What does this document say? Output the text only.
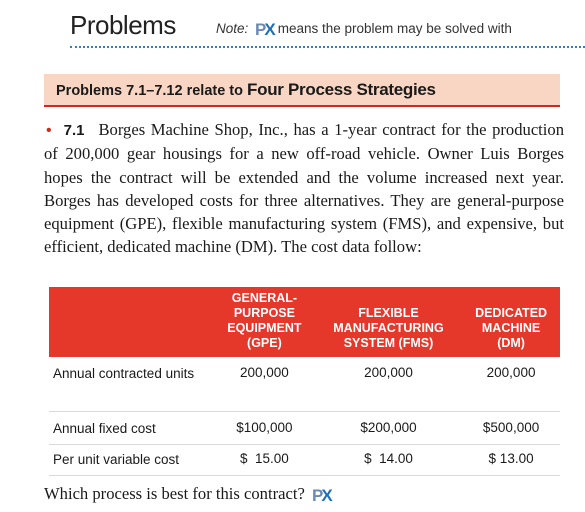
Problems	Note: PX means the problem may be solved with
Problems 7.1–7.12 relate to Four Process Strategies
• 7.1 Borges Machine Shop, Inc., has a 1-year contract for the production of 200,000 gear housings for a new off-road vehicle. Owner Luis Borges hopes the contract will be extended and the volume increased next year. Borges has developed costs for three alternatives. They are general-purpose equipment (GPE), flexible manufacturing system (FMS), and expensive, but efficient, dedicated machine (DM). The cost data follow:

	GENERAL-
PURPOSE
EQUIPMENT
(GPE)	FLEXIBLE
MANUFACTURING
SYSTEM (FMS)	DEDICATED
MACHINE
(DM)

Annual contracted units	200,000	200,000	200,000
Annual fixed cost	$100,000	$200,000	$500,000
Per unit variable cost	$  15.00	$  14.00	$ 13.00
Which process is best for this contract? PX
